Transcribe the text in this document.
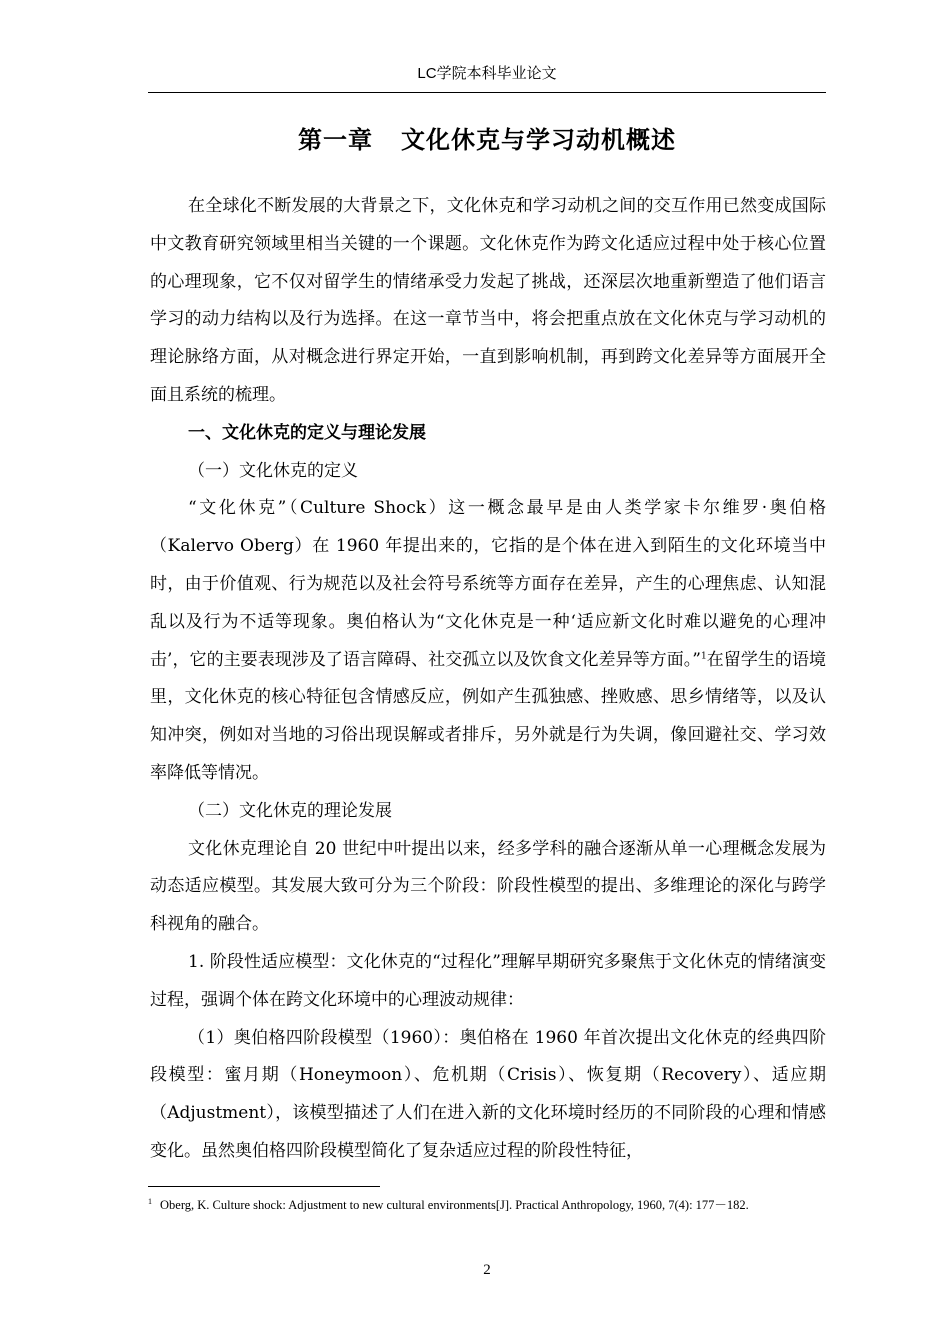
LC学院本科毕业论文
第一章 文化休克与学习动机概述

在全球化不断发展的大背景之下，文化休克和学习动机之间的交互作用已然变成国际中文教育研究领域里相当关键的一个课题。文化休克作为跨文化适应过程中处于核心位置的心理现象，它不仅对留学生的情绪承受力发起了挑战，还深层次地重新塑造了他们语言学习的动力结构以及行为选择。在这一章节当中，将会把重点放在文化休克与学习动机的理论脉络方面，从对概念进行界定开始，一直到影响机制，再到跨文化差异等方面展开全面且系统的梳理。

一、文化休克的定义与理论发展

（一）文化休克的定义

“文化休克”（Culture Shock）这一概念最早是由人类学家卡尔维罗·奥伯格（Kalervo Oberg）在 1960 年提出来的，它指的是个体在进入到陌生的文化环境当中时，由于价值观、行为规范以及社会符号系统等方面存在差异，产生的心理焦虑、认知混乱以及行为不适等现象。奥伯格认为“文化休克是一种‘适应新文化时难以避免的心理冲击’，它的主要表现涉及了语言障碍、社交孤立以及饮食文化差异等方面。”$^1$在留学生的语境里，文化休克的核心特征包含情感反应，例如产生孤独感、挫败感、思乡情绪等，以及认知冲突，例如对当地的习俗出现误解或者排斥，另外就是行为失调，像回避社交、学习效率降低等情况。

（二）文化休克的理论发展

文化休克理论自 20 世纪中叶提出以来，经多学科的融合逐渐从单一心理概念发展为动态适应模型。其发展大致可分为三个阶段：阶段性模型的提出、多维理论的深化与跨学科视角的融合。

1. 阶段性适应模型：文化休克的“过程化”理解早期研究多聚焦于文化休克的情绪演变过程，强调个体在跨文化环境中的心理波动规律：

（1）奥伯格四阶段模型（1960）：奥伯格在 1960 年首次提出文化休克的经典四阶段模型：蜜月期（Honeymoon）、危机期（Crisis）、恢复期（Recovery）、适应期（Adjustment），该模型描述了人们在进入新的文化环境时经历的不同阶段的心理和情感变化。虽然奥伯格四阶段模型简化了复杂适应过程的阶段性特征，

$^1$ Oberg, K. Culture shock: Adjustment to new cultural environments[J]. Practical Anthropology, 1960, 7(4): 177－182.
2
